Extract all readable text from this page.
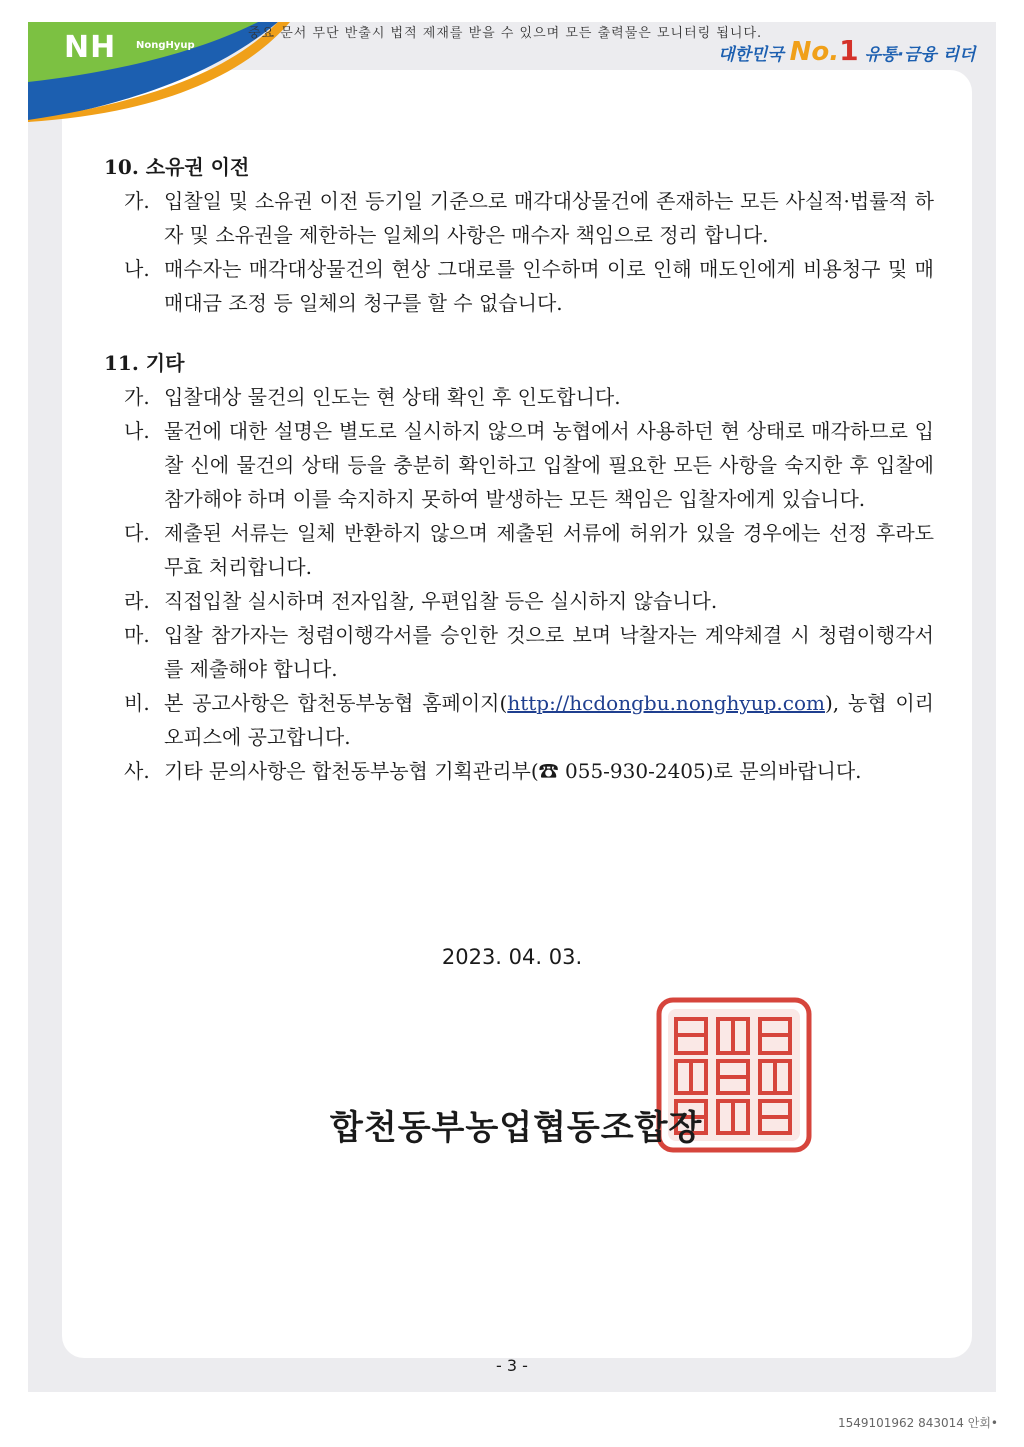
NH NongHyup
중요 문서 무단 반출시 법적 제재를 받을 수 있으며 모든 출력물은 모니터링 됩니다.
대한민국 No.1 유통·금융 리더

10. 소유권 이전

가. 입찰일 및 소유권 이전 등기일 기준으로 매각대상물건에 존재하는 모든 사실적·법률적 하자 및 소유권을 제한하는 일체의 사항은 매수자 책임으로 정리 합니다.
나. 매수자는 매각대상물건의 현상 그대로를 인수하며 이로 인해 매도인에게 비용청구 및 매매대금 조정 등 일체의 청구를 할 수 없습니다.

11. 기타

가. 입찰대상 물건의 인도는 현 상태 확인 후 인도합니다.
나. 물건에 대한 설명은 별도로 실시하지 않으며 농협에서 사용하던 현 상태로 매각하므로 입찰 신에 물건의 상태 등을 충분히 확인하고 입찰에 필요한 모든 사항을 숙지한 후 입찰에 참가해야 하며 이를 숙지하지 못하여 발생하는 모든 책임은 입찰자에게 있습니다.
다. 제출된 서류는 일체 반환하지 않으며 제출된 서류에 허위가 있을 경우에는 선정 후라도 무효 처리합니다.
라. 직접입찰 실시하며 전자입찰, 우편입찰 등은 실시하지 않습니다.
마. 입찰 참가자는 청렴이행각서를 승인한 것으로 보며 낙찰자는 계약체결 시 청렴이행각서를 제출해야 합니다.
비. 본 공고사항은 합천동부농협 홈페이지(http://hcdongbu.nonghyup.com), 농협 이리오피스에 공고합니다.
사. 기타 문의사항은 합천동부농협 기획관리부(☎ 055-930-2405)로 문의바랍니다.
2023. 04. 03.
합천동부농업협동조합장
- 3 -
1549101962 843014 안회•
